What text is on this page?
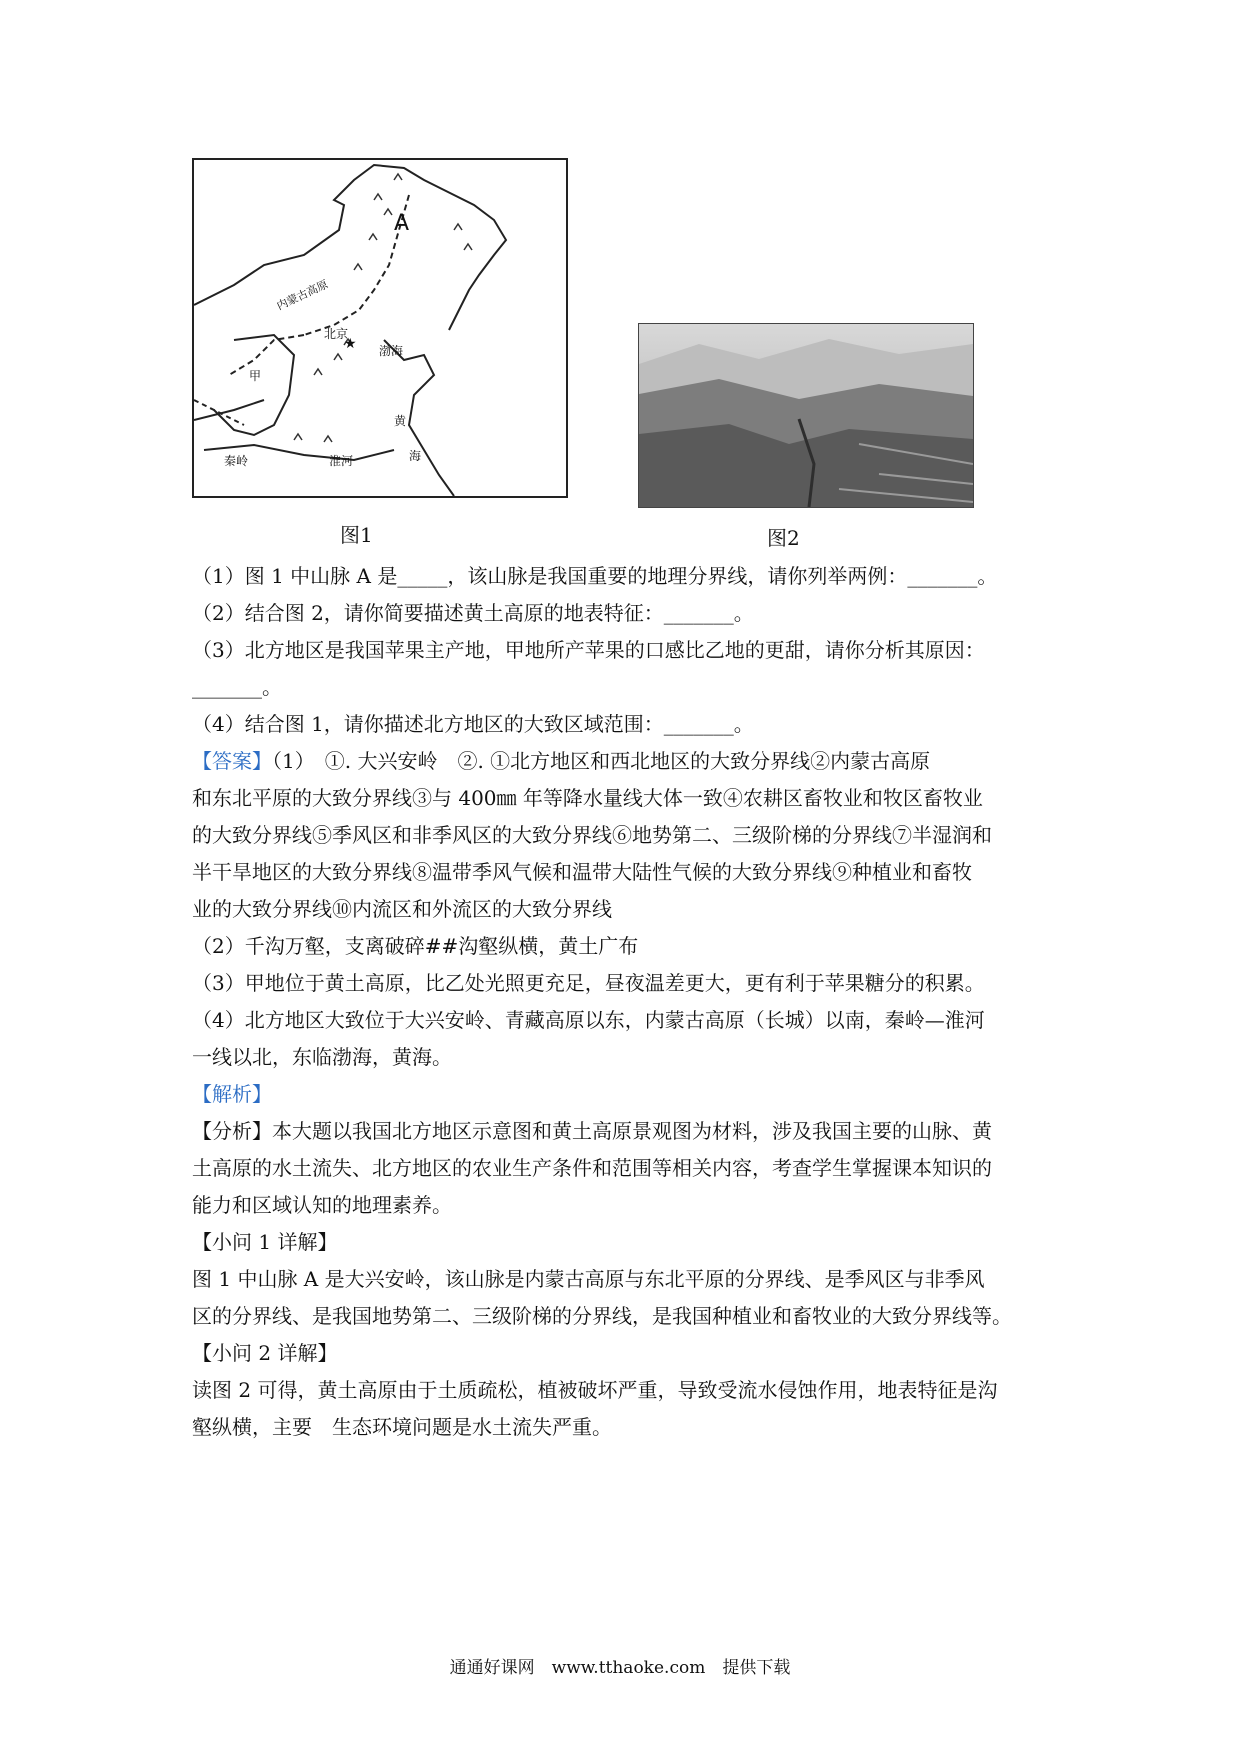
★
A
内蒙古高原
北京
渤海
甲
秦岭	淮河
黄
海
图1	图2
（1）图 1 中山脉 A 是_____，该山脉是我国重要的地理分界线，请你列举两例：_______。
（2）结合图 2，请你简要描述黄土高原的地表特征：_______。
（3）北方地区是我国苹果主产地，甲地所产苹果的口感比乙地的更甜，请你分析其原因：
_______。
（4）结合图 1，请你描述北方地区的大致区域范围：_______。
【答案】（1）　①. 大兴安岭　②. ①北方地区和西北地区的大致分界线②内蒙古高原
和东北平原的大致分界线③与 400㎜ 年等降水量线大体一致④农耕区畜牧业和牧区畜牧业
的大致分界线⑤季风区和非季风区的大致分界线⑥地势第二、三级阶梯的分界线⑦半湿润和
半干旱地区的大致分界线⑧温带季风气候和温带大陆性气候的大致分界线⑨种植业和畜牧
业的大致分界线⑩内流区和外流区的大致分界线
（2）千沟万壑，支离破碎##沟壑纵横，黄土广布
（3）甲地位于黄土高原，比乙处光照更充足，昼夜温差更大，更有利于苹果糖分的积累。
（4）北方地区大致位于大兴安岭、青藏高原以东，内蒙古高原（长城）以南，秦岭—淮河
一线以北，东临渤海，黄海。
【解析】
【分析】本大题以我国北方地区示意图和黄土高原景观图为材料，涉及我国主要的山脉、黄
土高原的水土流失、北方地区的农业生产条件和范围等相关内容，考查学生掌握课本知识的
能力和区域认知的地理素养。
【小问 1 详解】
图 1 中山脉 A 是大兴安岭，该山脉是内蒙古高原与东北平原的分界线、是季风区与非季风
区的分界线、是我国地势第二、三级阶梯的分界线，是我国种植业和畜牧业的大致分界线等。
【小问 2 详解】
读图 2 可得，黄土高原由于土质疏松，植被破坏严重，导致受流水侵蚀作用，地表特征是沟
壑纵横，主要　生态环境问题是水土流失严重。
通通好课网　www.tthaoke.com　提供下载
